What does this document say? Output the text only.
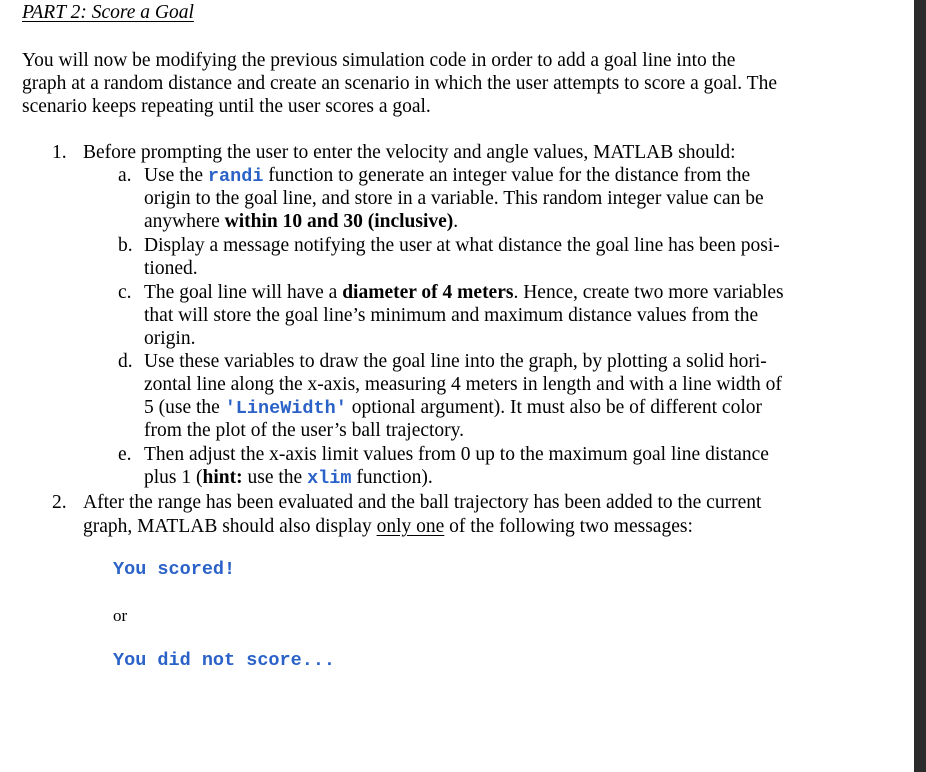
PART 2: Score a Goal
You will now be modifying the previous simulation code in order to add a goal line into the
graph at a random distance and create an scenario in which the user attempts to score a goal. The
scenario keeps repeating until the user scores a goal.
1. Before prompting the user to enter the velocity and angle values, MATLAB should:
a. Use the randi function to generate an integer value for the distance from the
origin to the goal line, and store in a variable. This random integer value can be
anywhere within 10 and 30 (inclusive).
b. Display a message notifying the user at what distance the goal line has been posi-
tioned.
c. The goal line will have a diameter of 4 meters. Hence, create two more variables
that will store the goal line’s minimum and maximum distance values from the
origin.
d. Use these variables to draw the goal line into the graph, by plotting a solid hori-
zontal line along the x-axis, measuring 4 meters in length and with a line width of
5 (use the 'LineWidth' optional argument). It must also be of different color
from the plot of the user’s ball trajectory.
e. Then adjust the x-axis limit values from 0 up to the maximum goal line distance
plus 1 (hint: use the xlim function).
2. After the range has been evaluated and the ball trajectory has been added to the current
graph, MATLAB should also display only one of the following two messages:
You scored!
or
You did not score...
